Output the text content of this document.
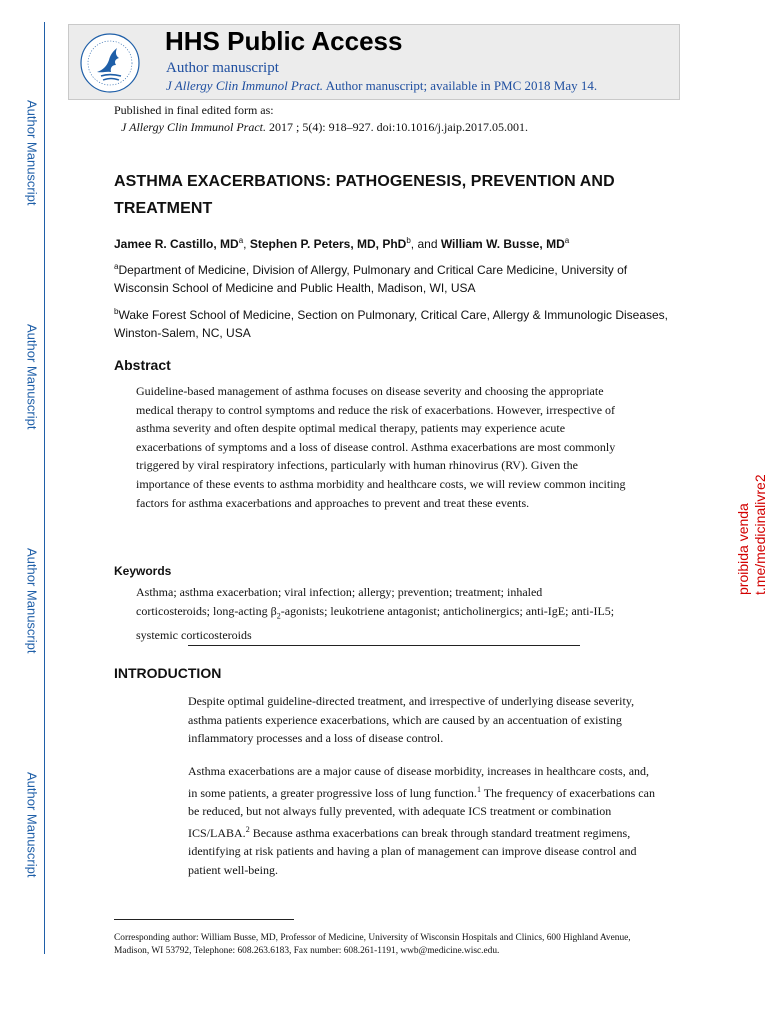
Author Manuscript
Author Manuscript
Author Manuscript
Author Manuscript
HHS Public Access
Author manuscript
J Allergy Clin Immunol Pract. Author manuscript; available in PMC 2018 May 14.
Published in final edited form as:
J Allergy Clin Immunol Pract. 2017 ; 5(4): 918–927. doi:10.1016/j.jaip.2017.05.001.
ASTHMA EXACERBATIONS: PATHOGENESIS, PREVENTION AND TREATMENT
Jamee R. Castillo, $MD^a$, Stephen P. Peters, MD, PhD$^b$, and William W. Busse, $MD^a$
$^a$Department of Medicine, Division of Allergy, Pulmonary and Critical Care Medicine, University of Wisconsin School of Medicine and Public Health, Madison, WI, USA
$^b$Wake Forest School of Medicine, Section on Pulmonary, Critical Care, Allergy & Immunologic Diseases, Winston-Salem, NC, USA
Abstract
Guideline-based management of asthma focuses on disease severity and choosing the appropriate medical therapy to control symptoms and reduce the risk of exacerbations. However, irrespective of asthma severity and often despite optimal medical therapy, patients may experience acute exacerbations of symptoms and a loss of disease control. Asthma exacerbations are most commonly triggered by viral respiratory infections, particularly with human rhinovirus (RV). Given the importance of these events to asthma morbidity and healthcare costs, we will review common inciting factors for asthma exacerbations and approaches to prevent and treat these events.
Keywords
Asthma; asthma exacerbation; viral infection; allergy; prevention; treatment; inhaled corticosteroids; long-acting $\beta_2$-agonists; leukotriene antagonist; anticholinergics; anti-IgE; anti-IL5; systemic corticosteroids
INTRODUCTION
Despite optimal guideline-directed treatment, and irrespective of underlying disease severity, asthma patients experience exacerbations, which are caused by an accentuation of existing inflammatory processes and a loss of disease control.
Asthma exacerbations are a major cause of disease morbidity, increases in healthcare costs, and, in some patients, a greater progressive loss of lung function.$^1$ The frequency of exacerbations can be reduced, but not always fully prevented, with adequate ICS treatment or combination ICS/LABA.$^2$ Because asthma exacerbations can break through standard treatment regimens, identifying at risk patients and having a plan of management can improve disease control and patient well-being.
Corresponding author: William Busse, MD, Professor of Medicine, University of Wisconsin Hospitals and Clinics, 600 Highland Avenue, Madison, WI 53792, Telephone: 608.263.6183, Fax number: 608.261-1191, wwb@medicine.wisc.edu.
proibida venda
t.me/medicinalivre2
